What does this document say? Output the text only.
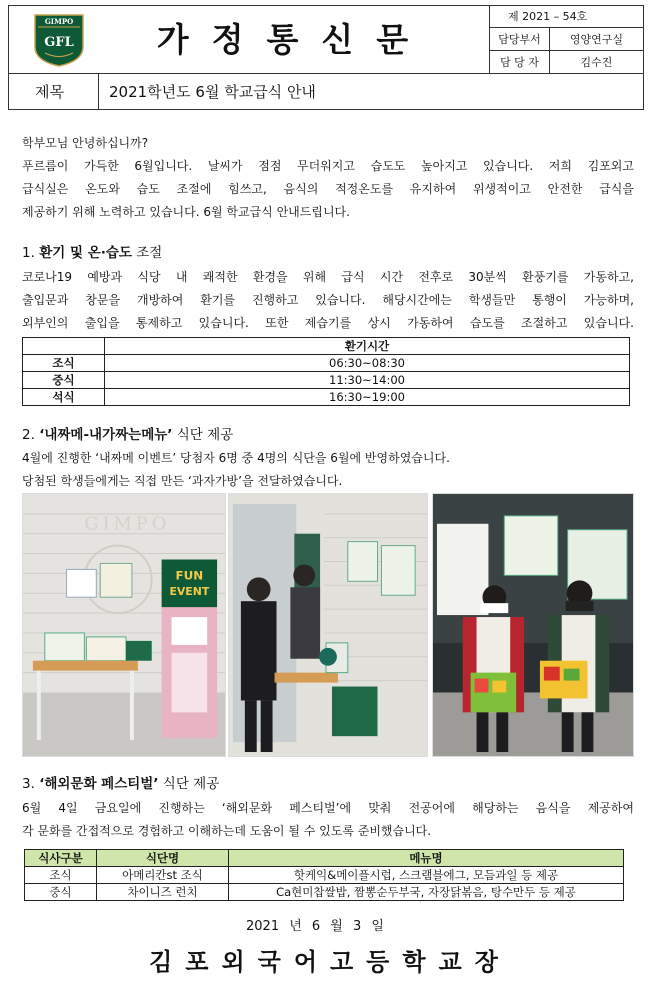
GIMPO
GFL	가정통신문
제 2021 – 54호
담당부서	영양연구실
담 당 자	김수진
제목	2021학년도 6월 학교급식 안내
학부모님 안녕하십니까?
푸르름이 가득한 6월입니다. 날씨가 점점 무더워지고 습도도 높아지고 있습니다. 저희 김포외고
급식실은 온도와 습도 조절에 힘쓰고, 음식의 적정온도를 유지하여 위생적이고 안전한 급식을
제공하기 위해 노력하고 있습니다. 6월 학교급식 안내드립니다.
1. 환기 및 온·습도 조절
코로나19 예방과 식당 내 쾌적한 환경을 위해 급식 시간 전후로 30분씩 환풍기를 가동하고,
출입문과 창문을 개방하여 환기를 진행하고 있습니다. 해당시간에는 학생들만 통행이 가능하며,
외부인의 출입을 통제하고 있습니다. 또한 제습기를 상시 가동하여 습도를 조절하고 있습니다.
	환기시간
조식	06:30~08:30
중식	11:30~14:00
석식	16:30~19:00
2. ‘내짜메-내가짜는메뉴’ 식단 제공
4월에 진행한 ‘내짜메 이벤트’ 당첨자 6명 중 4명의 식단을 6월에 반영하였습니다.
당첨된 학생들에게는 직접 만든 ‘과자가방’을 전달하였습니다.
GIMPO
FUN
EVENT
3. ‘해외문화 페스티벌’ 식단 제공
6월 4일 금요일에 진행하는 ‘해외문화 페스티벌’에 맞춰 전공어에 해당하는 음식을 제공하여
각 문화를 간접적으로 경험하고 이해하는데 도움이 될 수 있도록 준비했습니다.
식사구분	식단명	메뉴명
조식	아메리칸st 조식	핫케익&메이플시럽, 스크램블에그, 모듬과일 등 제공
중식	차이니즈 런치	Ca현미찹쌀밥, 짬뽕순두부국, 자장닭볶음, 탕수만두 등 제공
2021 년 6 월 3 일
김포외국어고등학교장
